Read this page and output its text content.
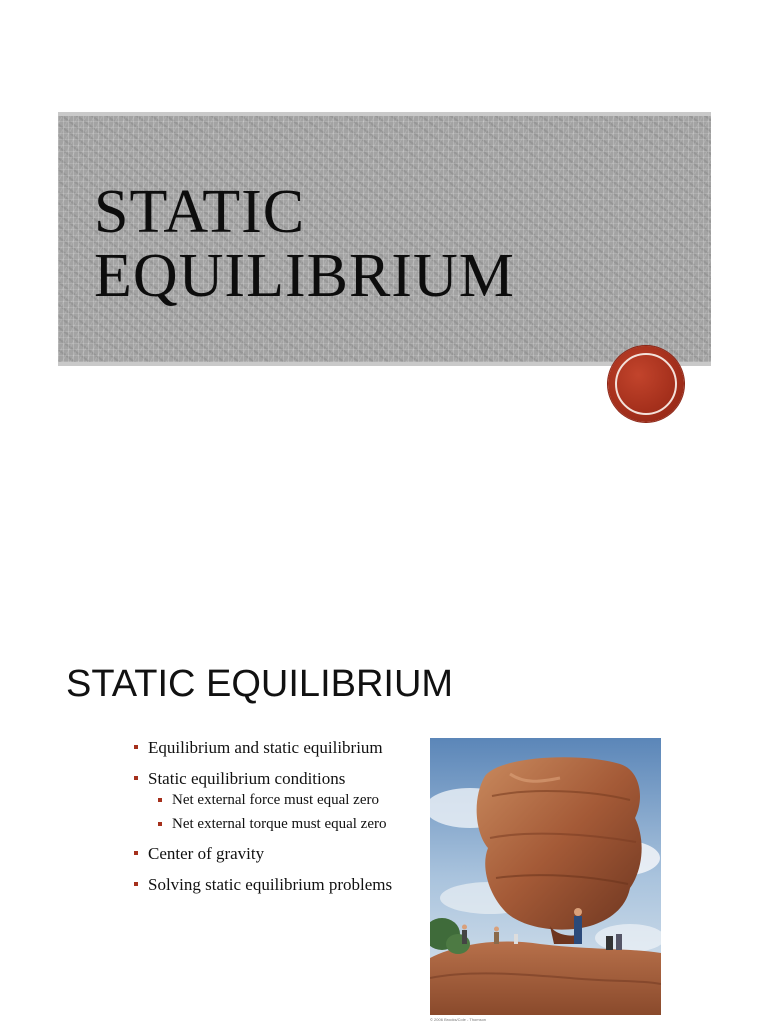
STATIC
EQUILIBRIUM
STATIC EQUILIBRIUM
Equilibrium and static equilibrium
Static equilibrium conditions
Net external force must equal zero
Net external torque must equal zero
Center of gravity
Solving static equilibrium problems
© 2006 Brooks/Cole - Thomson
